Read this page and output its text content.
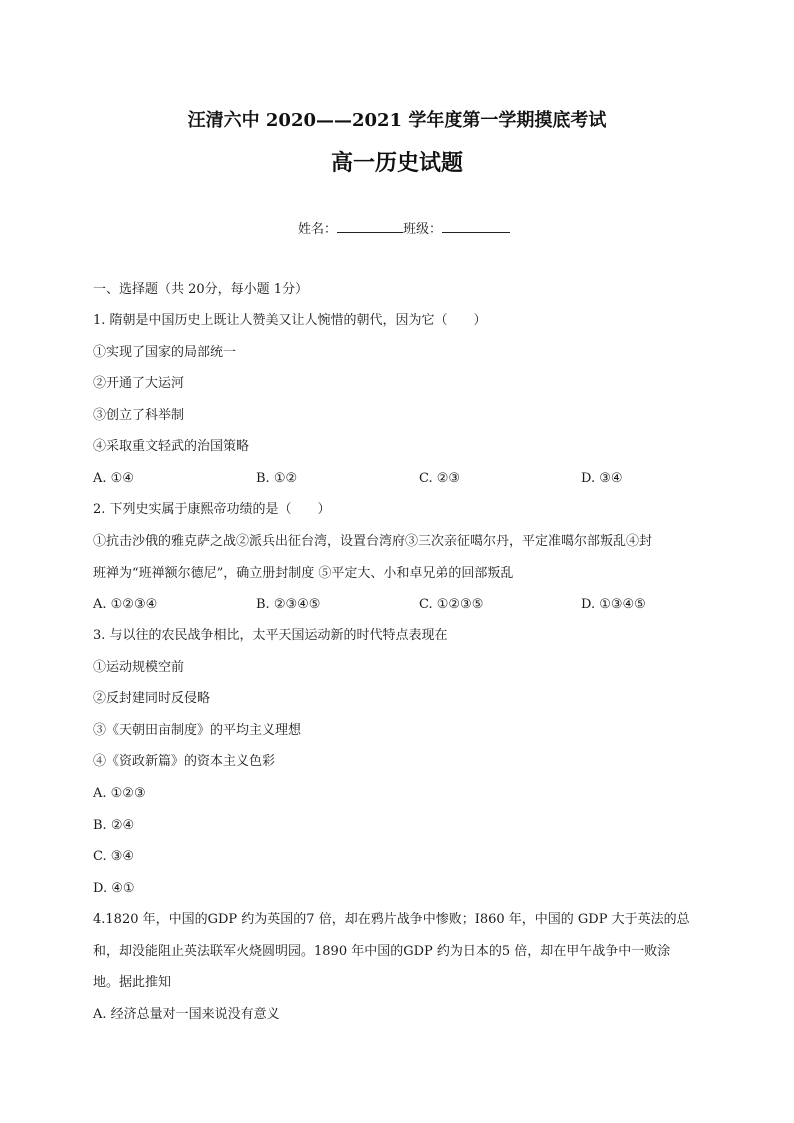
汪清六中 2020——2021 学年度第一学期摸底考试
高一历史试题
姓名：	班级：
一、选择题（共 20分，每小题 1分）
1. 隋朝是中国历史上既让人赞美又让人惋惜的朝代，因为它（　　）
①实现了国家的局部统一
②开通了大运河
③创立了科举制
④采取重文轻武的治国策略
A. ①④	B. ①②	C. ②③	D. ③④
2. 下列史实属于康熙帝功绩的是（　　）
①抗击沙俄的雅克萨之战②派兵出征台湾，设置台湾府③三次亲征噶尔丹，平定准噶尔部叛乱④封
班禅为“班禅额尔德尼”，确立册封制度 ⑤平定大、小和卓兄弟的回部叛乱
A. ①②③④	B. ②③④⑤	C. ①②③⑤	D. ①③④⑤
3. 与以往的农民战争相比，太平天国运动新的时代特点表现在
①运动规模空前
②反封建同时反侵略
③《天朝田亩制度》的平均主义理想
④《资政新篇》的资本主义色彩
A. ①②③
B. ②④
C. ③④
D. ④①
4.1820 年，中国的GDP 约为英国的7 倍，却在鸦片战争中惨败；I860 年，中国的 GDP 大于英法的总
和，却没能阻止英法联军火烧圆明园。1890 年中国的GDP 约为日本的5 倍，却在甲午战争中一败涂
地。据此推知
A. 经济总量对一国来说没有意义
